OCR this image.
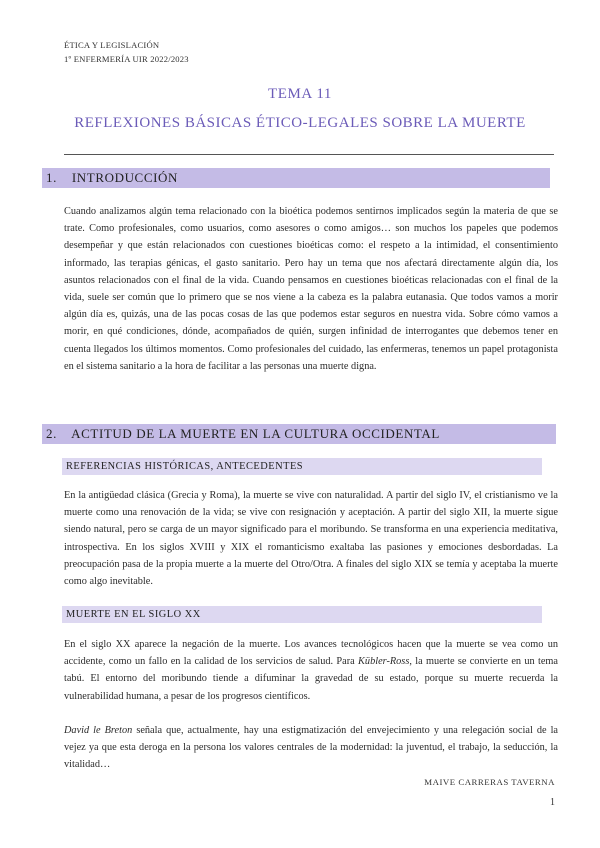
ÉTICA Y LEGISLACIÓN
1º ENFERMERÍA UIR 2022/2023
TEMA 11
REFLEXIONES BÁSICAS ÉTICO-LEGALES SOBRE LA MUERTE
1. INTRODUCCIÓN
Cuando analizamos algún tema relacionado con la bioética podemos sentirnos implicados según la materia de que se trate. Como profesionales, como usuarios, como asesores o como amigos… son muchos los papeles que podemos desempeñar y que están relacionados con cuestiones bioéticas como: el respeto a la intimidad, el consentimiento informado, las terapias génicas, el gasto sanitario. Pero hay un tema que nos afectará directamente algún día, los asuntos relacionados con el final de la vida. Cuando pensamos en cuestiones bioéticas relacionadas con el final de la vida, suele ser común que lo primero que se nos viene a la cabeza es la palabra eutanasia. Que todos vamos a morir algún día es, quizás, una de las pocas cosas de las que podemos estar seguros en nuestra vida. Sobre cómo vamos a morir, en qué condiciones, dónde, acompañados de quién, surgen infinidad de interrogantes que debemos tener en cuenta llegados los últimos momentos. Como profesionales del cuidado, las enfermeras, tenemos un papel protagonista en el sistema sanitario a la hora de facilitar a las personas una muerte digna.
2. ACTITUD DE LA MUERTE EN LA CULTURA OCCIDENTAL
REFERENCIAS HISTÓRICAS, ANTECEDENTES
En la antigüedad clásica (Grecia y Roma), la muerte se vive con naturalidad. A partir del siglo IV, el cristianismo ve la muerte como una renovación de la vida; se vive con resignación y aceptación. A partir del siglo XII, la muerte sigue siendo natural, pero se carga de un mayor significado para el moribundo. Se transforma en una experiencia meditativa, introspectiva. En los siglos XVIII y XIX el romanticismo exaltaba las pasiones y emociones desbordadas. La preocupación pasa de la propia muerte a la muerte del Otro/Otra. A finales del siglo XIX se temía y aceptaba la muerte como algo inevitable.
MUERTE EN EL SIGLO XX
En el siglo XX aparece la negación de la muerte. Los avances tecnológicos hacen que la muerte se vea como un accidente, como un fallo en la calidad de los servicios de salud. Para Kübler-Ross, la muerte se convierte en un tema tabú. El entorno del moribundo tiende a difuminar la gravedad de su estado, porque su muerte recuerda la vulnerabilidad humana, a pesar de los progresos científicos.
David le Breton señala que, actualmente, hay una estigmatización del envejecimiento y una relegación social de la vejez ya que esta deroga en la persona los valores centrales de la modernidad: la juventud, el trabajo, la seducción, la vitalidad…
MAIVE CARRERAS TAVERNA
1
